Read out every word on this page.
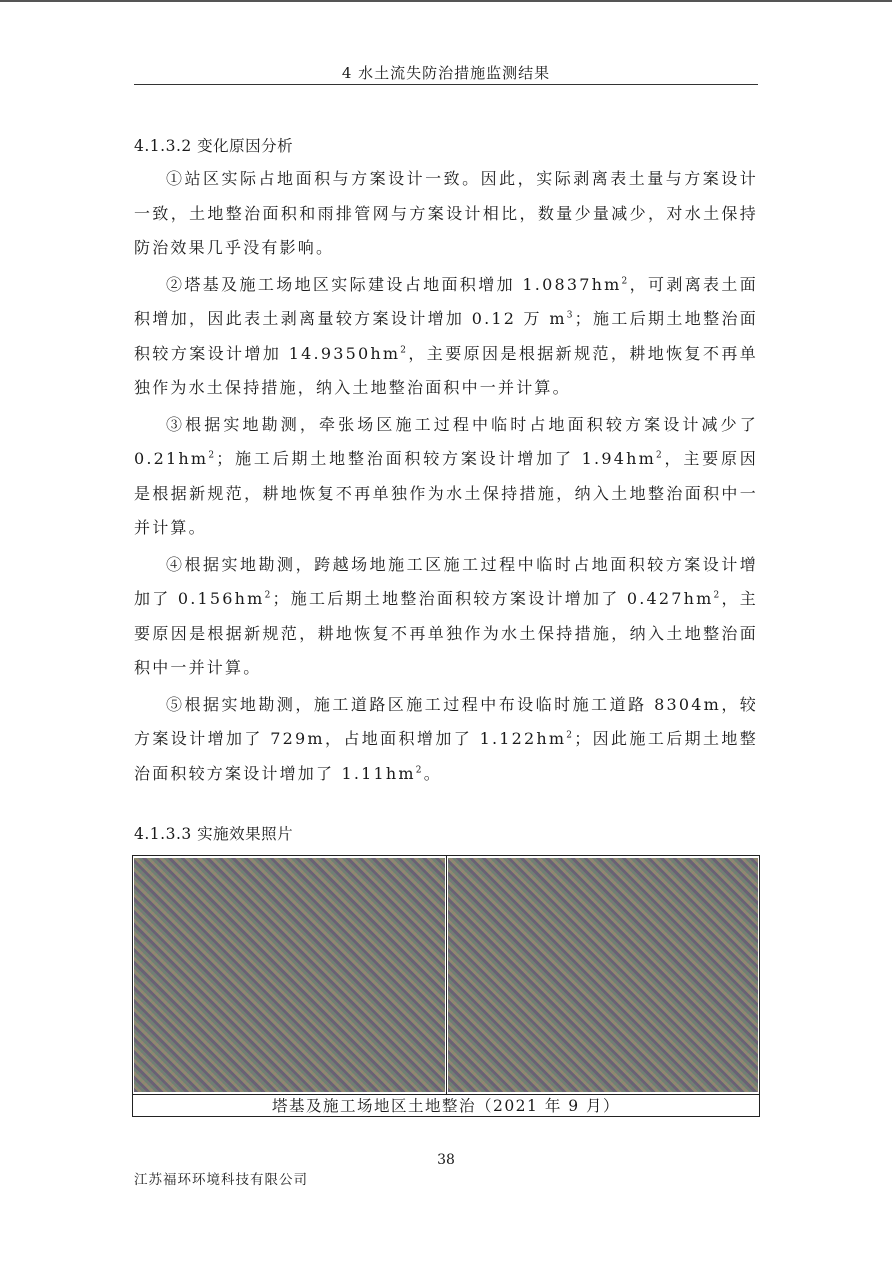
4 水土流失防治措施监测结果
4.1.3.2 变化原因分析

①站区实际占地面积与方案设计一致。因此，实际剥离表土量与方案设计一致，土地整治面积和雨排管网与方案设计相比，数量少量减少，对水土保持防治效果几乎没有影响。

②塔基及施工场地区实际建设占地面积增加 $1.0837hm^2$，可剥离表土面积增加，因此表土剥离量较方案设计增加 0.12 万 $m^3$；施工后期土地整治面积较方案设计增加 $14.9350hm^2$，主要原因是根据新规范，耕地恢复不再单独作为水土保持措施，纳入土地整治面积中一并计算。

③根据实地勘测，牵张场区施工过程中临时占地面积较方案设计减少了 $0.21hm^2$；施工后期土地整治面积较方案设计增加了 $1.94hm^2$，主要原因是根据新规范，耕地恢复不再单独作为水土保持措施，纳入土地整治面积中一并计算。

④根据实地勘测，跨越场地施工区施工过程中临时占地面积较方案设计增加了 $0.156hm^2$；施工后期土地整治面积较方案设计增加了 $0.427hm^2$，主要原因是根据新规范，耕地恢复不再单独作为水土保持措施，纳入土地整治面积中一并计算。

⑤根据实地勘测，施工道路区施工过程中布设临时施工道路 8304m，较方案设计增加了 729m，占地面积增加了 $1.122hm^2$；因此施工后期土地整治面积较方案设计增加了 $1.11hm^2$。

4.1.3.3 实施效果照片
塔基及施工场地区土地整治（2021 年 9 月）
38
江苏福环环境科技有限公司
